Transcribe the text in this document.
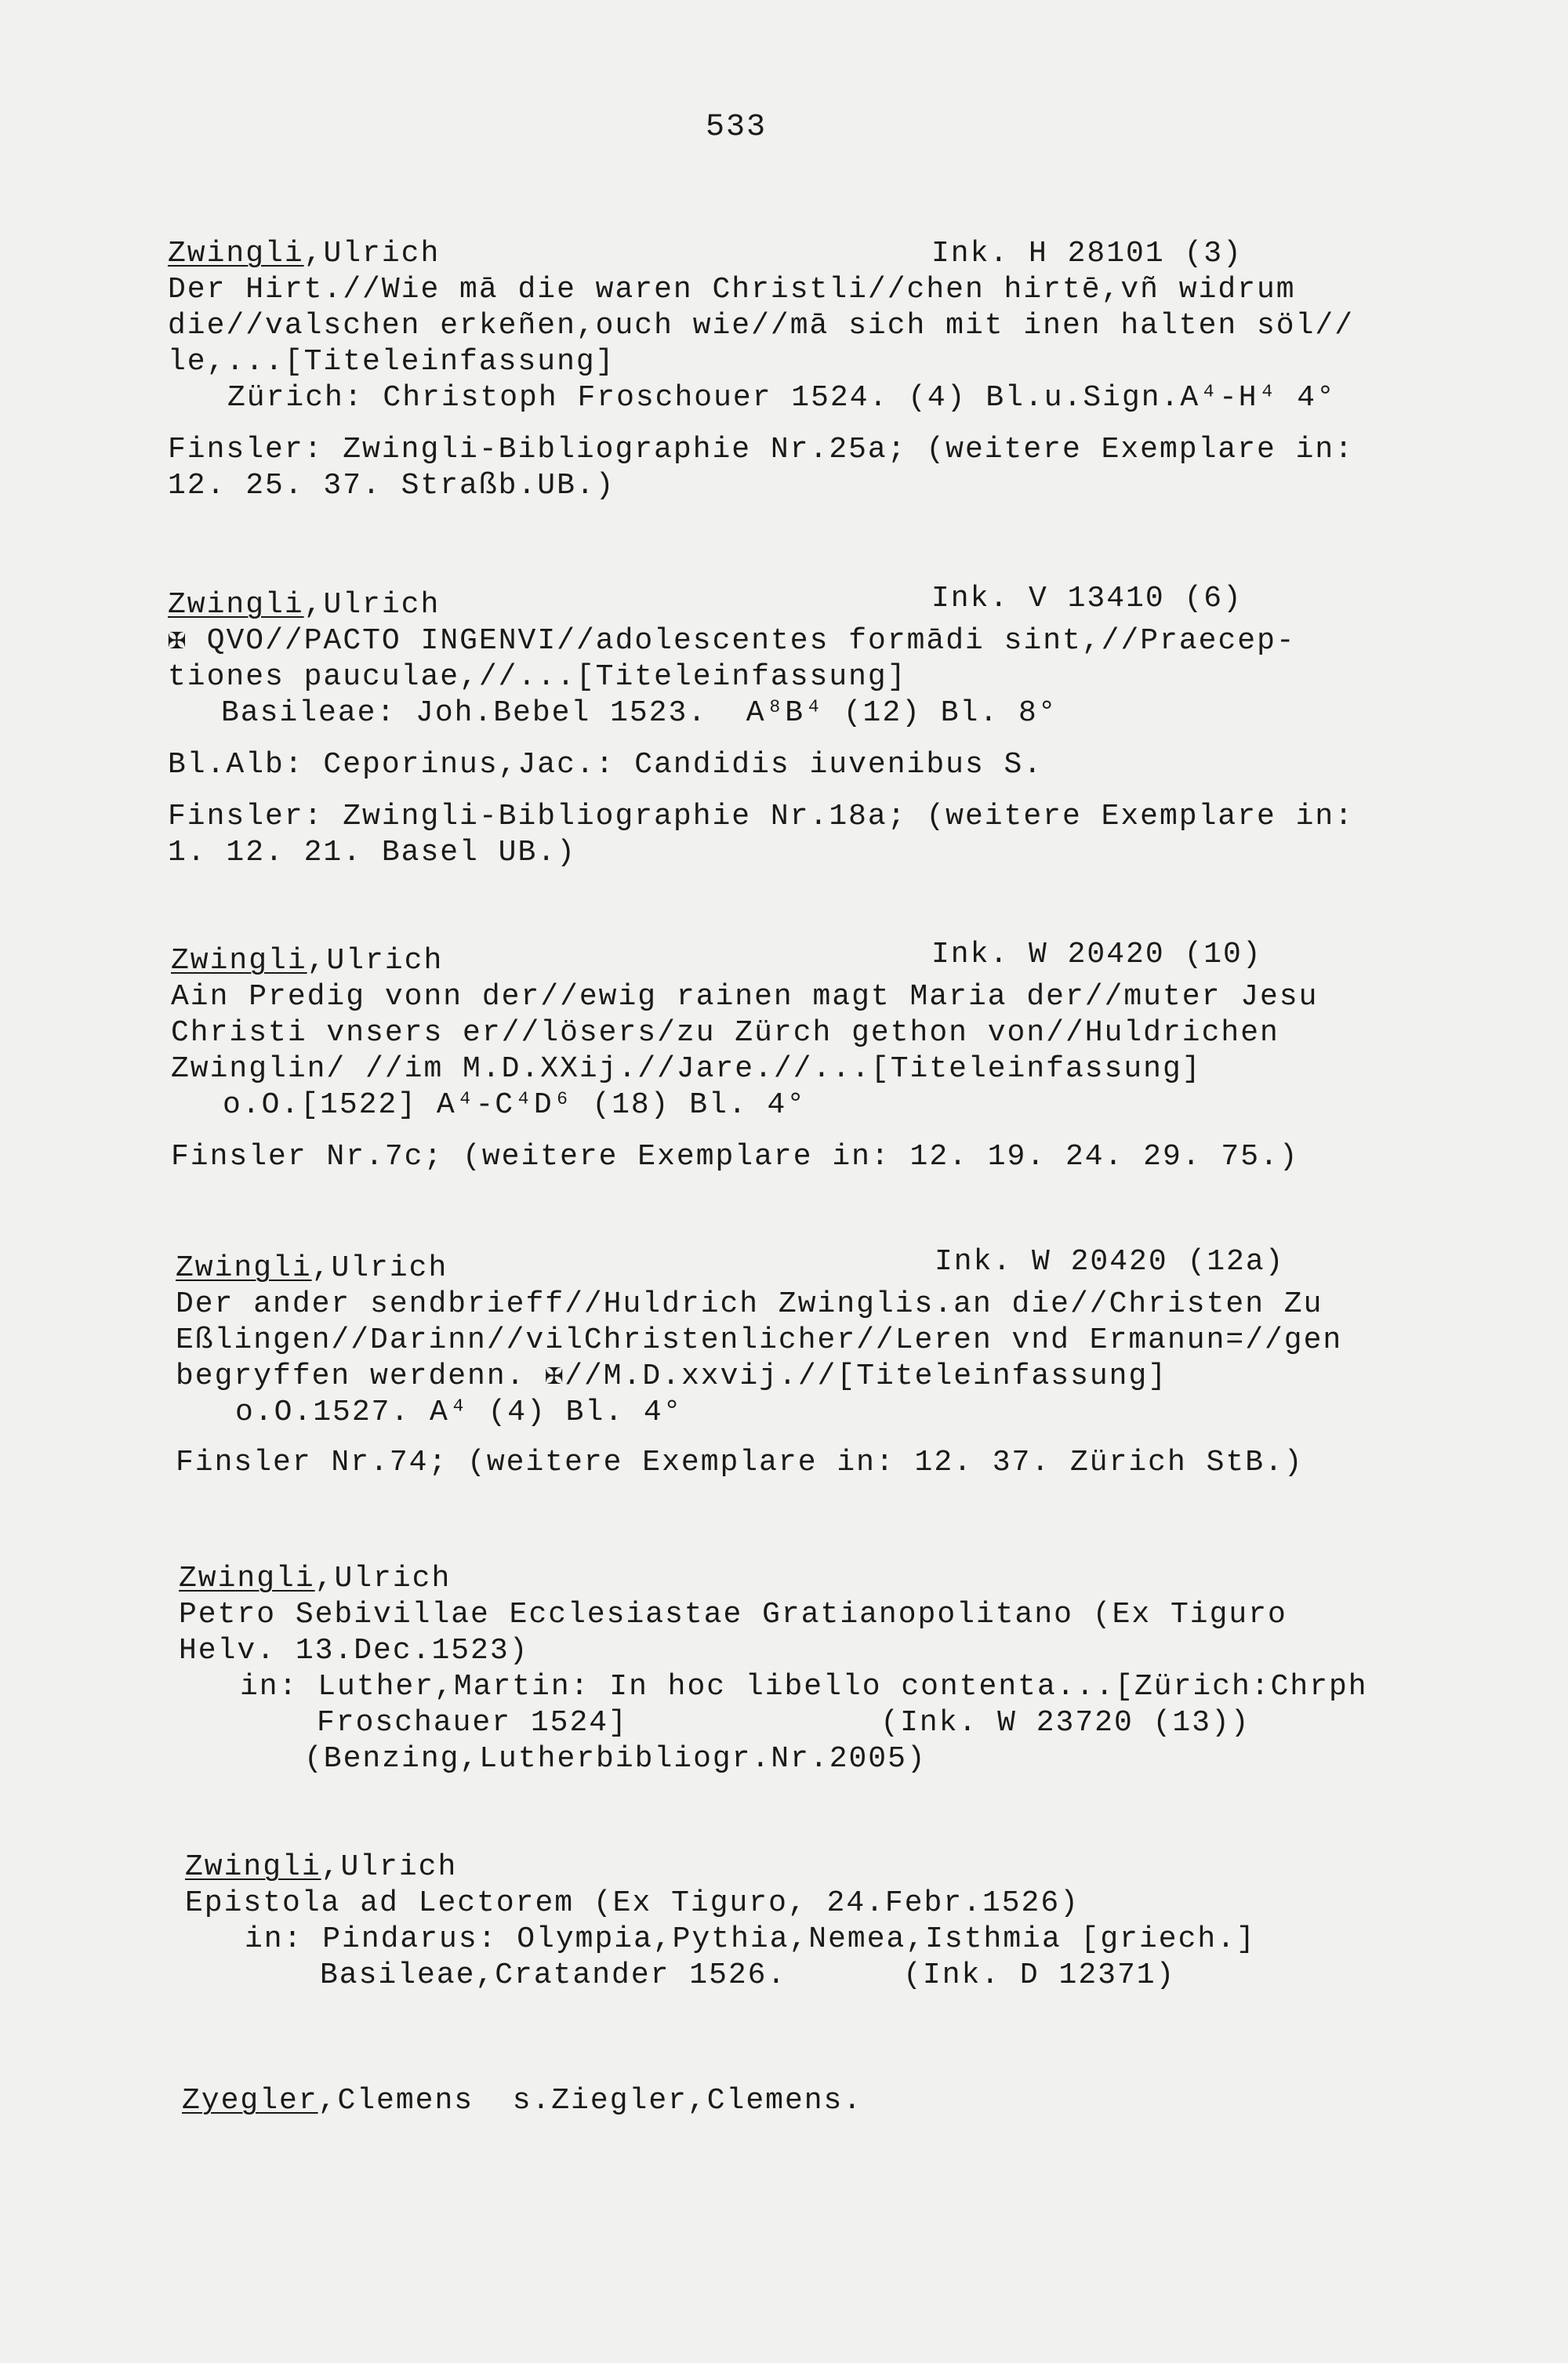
533
Zwingli,Ulrich	Ink. H 28101 (3)
Der Hirt.//Wie mā die waren Christli//chen hirtē,vñ widrum
die//valschen erkeñen,ouch wie//mā sich mit inen halten söl//
le,...[Titeleinfassung]
Zürich: Christoph Froschouer 1524. (4) Bl.u.Sign.A⁴-H⁴ 4°
Finsler: Zwingli-Bibliographie Nr.25a; (weitere Exemplare in:
12. 25. 37. Straßb.UB.)
Zwingli,Ulrich	Ink. V 13410 (6)
✠ QVO//PACTO INGENVI//adolescentes formādi sint,//Praecep-
tiones pauculae,//...[Titeleinfassung]
Basileae: Joh.Bebel 1523.  A⁸B⁴ (12) Bl. 8°
Bl.Alb: Ceporinus,Jac.: Candidis iuvenibus S.
Finsler: Zwingli-Bibliographie Nr.18a; (weitere Exemplare in:
1. 12. 21. Basel UB.)
Zwingli,Ulrich	Ink. W 20420 (10)
Ain Predig vonn der//ewig rainen magt Maria der//muter Jesu
Christi vnsers er//lösers/zu Zürch gethon von//Huldrichen
Zwinglin/ //im M.D.XXij.//Jare.//...[Titeleinfassung]
o.O.[1522] A⁴-C⁴D⁶ (18) Bl. 4°
Finsler Nr.7c; (weitere Exemplare in: 12. 19. 24. 29. 75.)
Zwingli,Ulrich	Ink. W 20420 (12a)
Der ander sendbrieff//Huldrich Zwinglis.an die//Christen Zu
Eßlingen//Darinn//vilChristenlicher//Leren vnd Ermanun=//gen
begryffen werdenn. ✠//M.D.xxvij.//[Titeleinfassung]
o.O.1527. A⁴ (4) Bl. 4°
Finsler Nr.74; (weitere Exemplare in: 12. 37. Zürich StB.)
Zwingli,Ulrich
Petro Sebivillae Ecclesiastae Gratianopolitano (Ex Tiguro
Helv. 13.Dec.1523)
in: Luther,Martin: In hoc libello contenta...[Zürich:Chrph
Froschauer 1524]             (Ink. W 23720 (13))
(Benzing,Lutherbibliogr.Nr.2005)
Zwingli,Ulrich
Epistola ad Lectorem (Ex Tiguro, 24.Febr.1526)
in: Pindarus: Olympia,Pythia,Nemea,Isthmia [griech.]
Basileae,Cratander 1526.      (Ink. D 12371)
Zyegler,Clemens s.Ziegler,Clemens.
